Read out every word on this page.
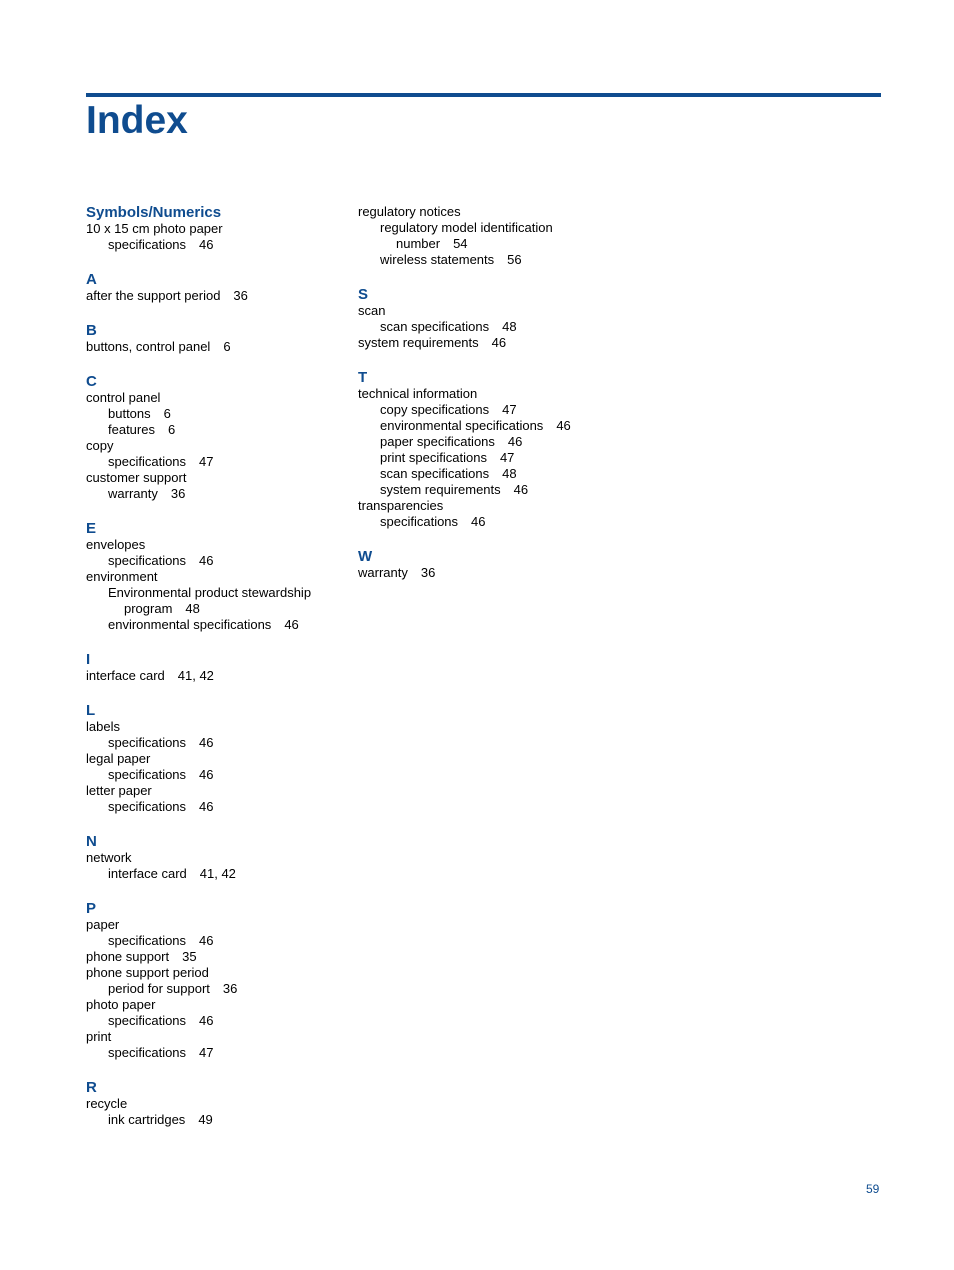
Index
Symbols/Numerics
10 x 15 cm photo paper
specifications 46
A
after the support period 36
B
buttons, control panel 6
C
control panel
buttons 6
features 6
copy
specifications 47
customer support
warranty 36
E
envelopes
specifications 46
environment
Environmental product stewardship
program 48
environmental specifications 46
I
interface card 41, 42
L
labels
specifications 46
legal paper
specifications 46
letter paper
specifications 46
N
network
interface card 41, 42
P
paper
specifications 46
phone support 35
phone support period
period for support 36
photo paper
specifications 46
print
specifications 47
R
recycle
ink cartridges 49
regulatory notices
regulatory model identification
number 54
wireless statements 56
S
scan
scan specifications 48
system requirements 46
T
technical information
copy specifications 47
environmental specifications 46
paper specifications 46
print specifications 47
scan specifications 48
system requirements 46
transparencies
specifications 46
W
warranty 36
59
